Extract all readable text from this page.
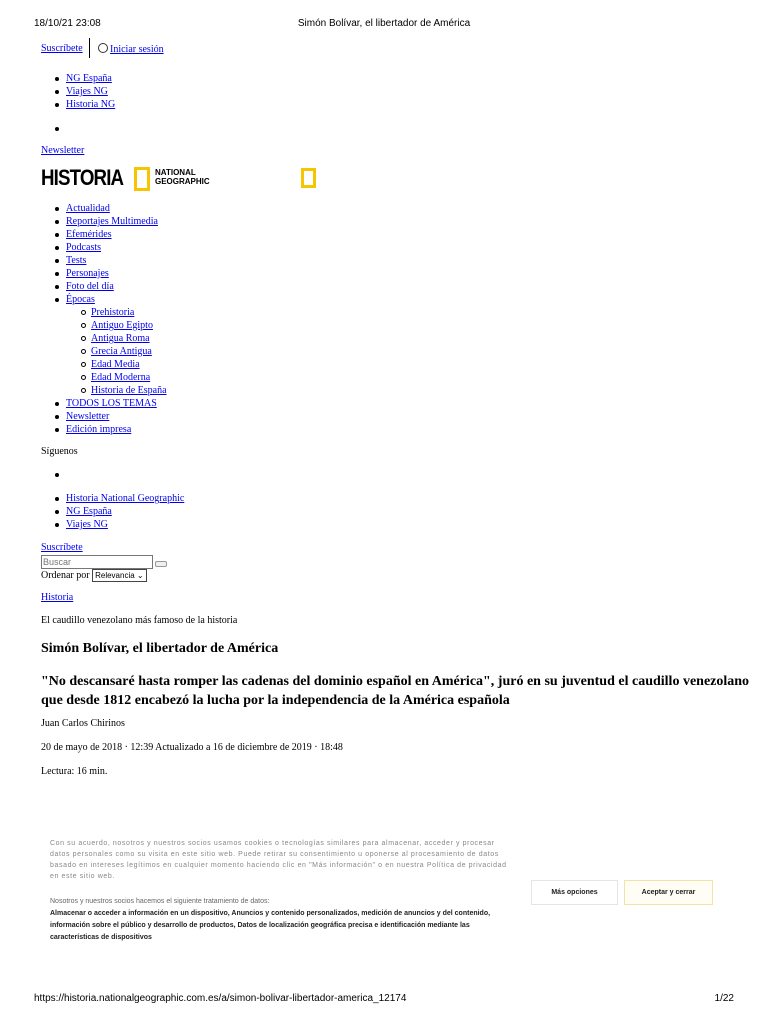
18/10/21 23:08	Simón Bolívar, el libertador de América
Suscríbete	Iniciar sesión
NG España
Viajes NG
Historia NG
Newsletter
HISTORIA	NATIONAL
GEOGRAPHIC
Actualidad
Reportajes Multimedia
Efemérides
Podcasts
Tests
Personajes
Foto del día
Épocas
Prehistoria
Antiguo Egipto
Antigua Roma
Grecia Antigua
Edad Media
Edad Moderna
Historia de España
TODOS LOS TEMAS
Newsletter
Edición impresa
Síguenos
Historia National Geographic
NG España
Viajes NG
Suscríbete
Buscar
Ordenar por Relevancia ⌄
Historia
El caudillo venezolano más famoso de la historia
Simón Bolívar, el libertador de América
"No descansaré hasta romper las cadenas del dominio español en América", juró en su juventud el caudillo venezolano que desde 1812 encabezó la lucha por la independencia de la América española
Juan Carlos Chirinos
20 de mayo de 2018 · 12:39 Actualizado a 16 de diciembre de 2019 · 18:48
Lectura: 16 min.
Con su acuerdo, nosotros y nuestros socios usamos cookies o tecnologías similares para almacenar, acceder y procesar datos personales como su visita en este sitio web. Puede retirar su consentimiento u oponerse al procesamiento de datos basado en intereses legítimos en cualquier momento haciendo clic en "Más información" o en nuestra Política de privacidad en este sitio web.
Nosotros y nuestros socios hacemos el siguiente tratamiento de datos:
Almacenar o acceder a información en un dispositivo, Anuncios y contenido personalizados, medición de anuncios y del contenido, información sobre el público y desarrollo de productos, Datos de localización geográfica precisa e identificación mediante las características de dispositivos
Más opciones	Aceptar y cerrar
https://historia.nationalgeographic.com.es/a/simon-bolivar-libertador-america_12174	1/22
